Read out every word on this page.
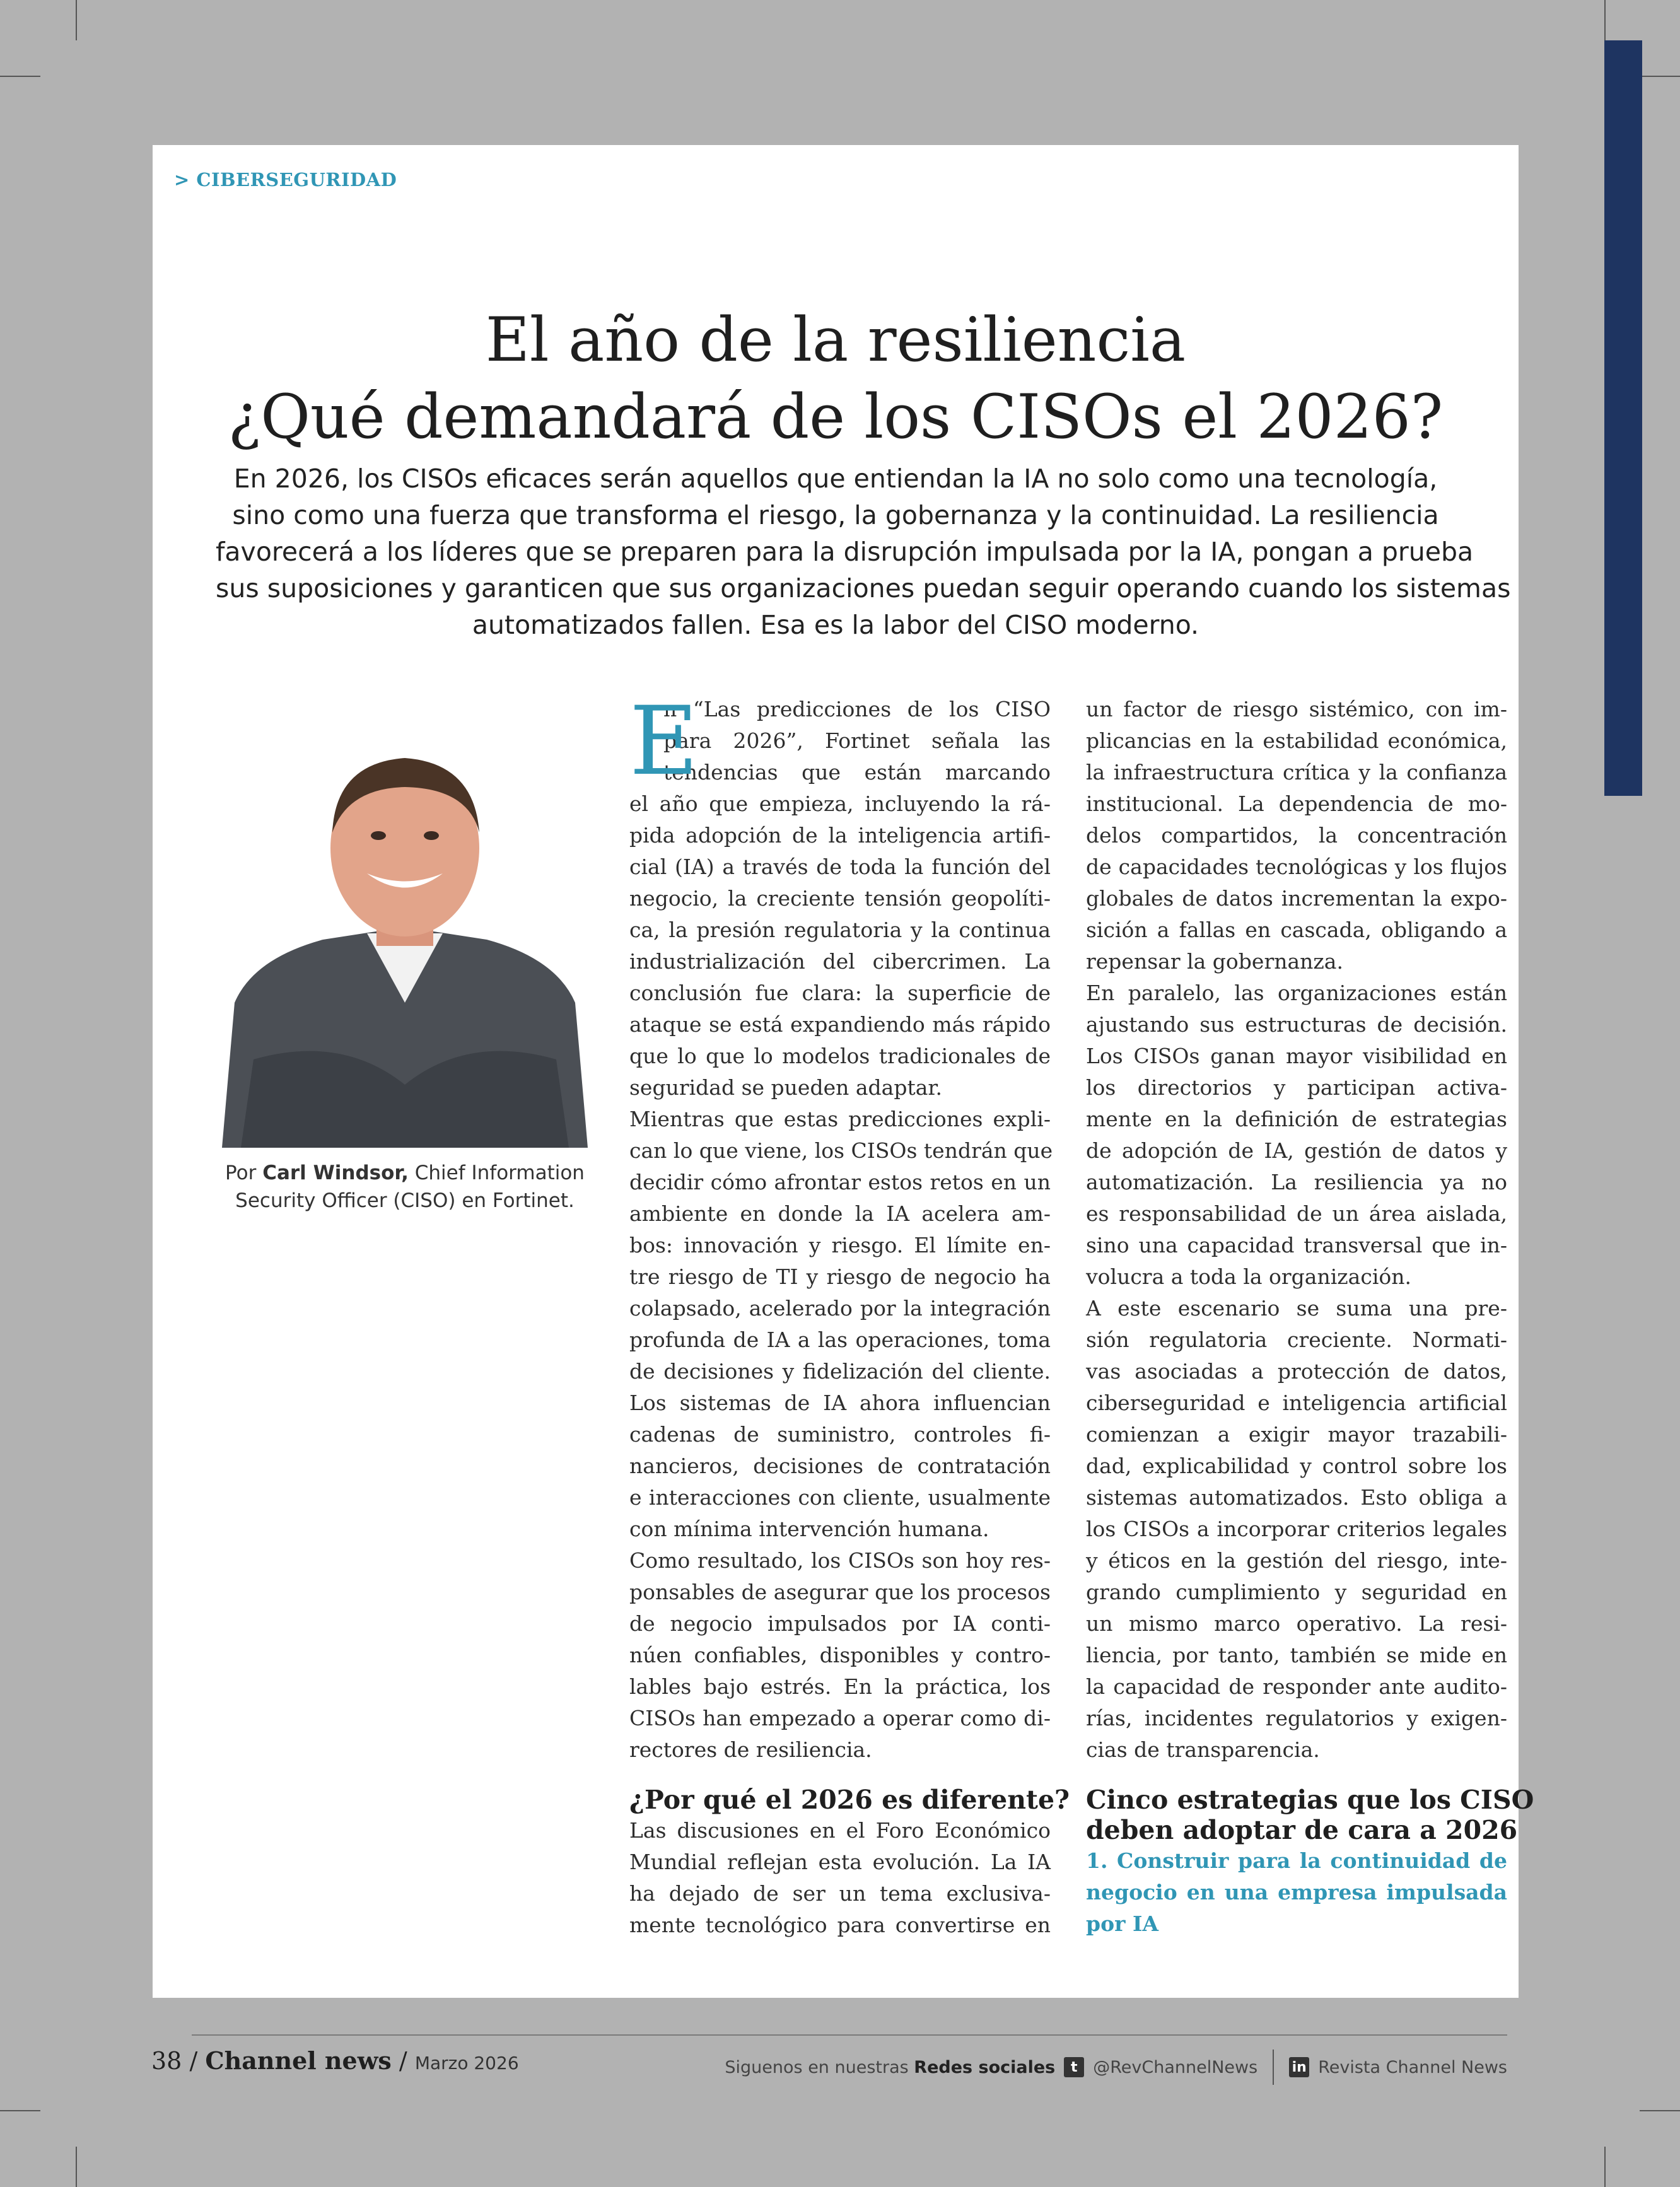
> CIBERSEGURIDAD
El año de la resiliencia
¿Qué demandará de los CISOs el 2026?
En 2026, los CISOs eficaces serán aquellos que entiendan la IA no solo como una tecnología,
sino como una fuerza que transforma el riesgo, la gobernanza y la continuidad. La resiliencia
favorecerá a los líderes que se preparen para la disrupción impulsada por la IA, pongan a prueba
sus suposiciones y garanticen que sus organizaciones puedan seguir operando cuando los sistemas
automatizados fallen. Esa es la labor del CISO moderno.
Por Carl Windsor, Chief Information
Security Officer (CISO) en Fortinet.
E
n “Las predicciones de los CISO
para 2026”, Fortinet señala las
tendencias que están marcando
el año que empieza, incluyendo la rá-
pida adopción de la inteligencia artifi-
cial (IA) a través de toda la función del
negocio, la creciente tensión geopolíti-
ca, la presión regulatoria y la continua
industrialización del cibercrimen. La
conclusión fue clara: la superficie de
ataque se está expandiendo más rápido
que lo que lo modelos tradicionales de
seguridad se pueden adaptar.
Mientras que estas predicciones expli-
can lo que viene, los CISOs tendrán que
decidir cómo afrontar estos retos en un
ambiente en donde la IA acelera am-
bos: innovación y riesgo. El límite en-
tre riesgo de TI y riesgo de negocio ha
colapsado, acelerado por la integración
profunda de IA a las operaciones, toma
de decisiones y fidelización del cliente.
Los sistemas de IA ahora influencian
cadenas de suministro, controles fi-
nancieros, decisiones de contratación
e interacciones con cliente, usualmente
con mínima intervención humana.
Como resultado, los CISOs son hoy res-
ponsables de asegurar que los procesos
de negocio impulsados por IA conti-
núen confiables, disponibles y contro-
lables bajo estrés. En la práctica, los
CISOs han empezado a operar como di-
rectores de resiliencia.
¿Por qué el 2026 es diferente?
Las discusiones en el Foro Económico
Mundial reflejan esta evolución. La IA
ha dejado de ser un tema exclusiva-
mente tecnológico para convertirse en
un factor de riesgo sistémico, con im-
plicancias en la estabilidad económica,
la infraestructura crítica y la confianza
institucional. La dependencia de mo-
delos compartidos, la concentración
de capacidades tecnológicas y los flujos
globales de datos incrementan la expo-
sición a fallas en cascada, obligando a
repensar la gobernanza.
En paralelo, las organizaciones están
ajustando sus estructuras de decisión.
Los CISOs ganan mayor visibilidad en
los directorios y participan activa-
mente en la definición de estrategias
de adopción de IA, gestión de datos y
automatización. La resiliencia ya no
es responsabilidad de un área aislada,
sino una capacidad transversal que in-
volucra a toda la organización.
A este escenario se suma una pre-
sión regulatoria creciente. Normati-
vas asociadas a protección de datos,
ciberseguridad e inteligencia artificial
comienzan a exigir mayor trazabili-
dad, explicabilidad y control sobre los
sistemas automatizados. Esto obliga a
los CISOs a incorporar criterios legales
y éticos en la gestión del riesgo, inte-
grando cumplimiento y seguridad en
un mismo marco operativo. La resi-
liencia, por tanto, también se mide en
la capacidad de responder ante audito-
rías, incidentes regulatorios y exigen-
cias de transparencia.
Cinco estrategias que los CISO
deben adoptar de cara a 2026
1. Construir para la continuidad de
negocio en una empresa impulsada
por IA
38 / Channel news / Marzo 2026	Siguenos en nuestras Redes sociales	t @RevChannelNews in Revista Channel News
